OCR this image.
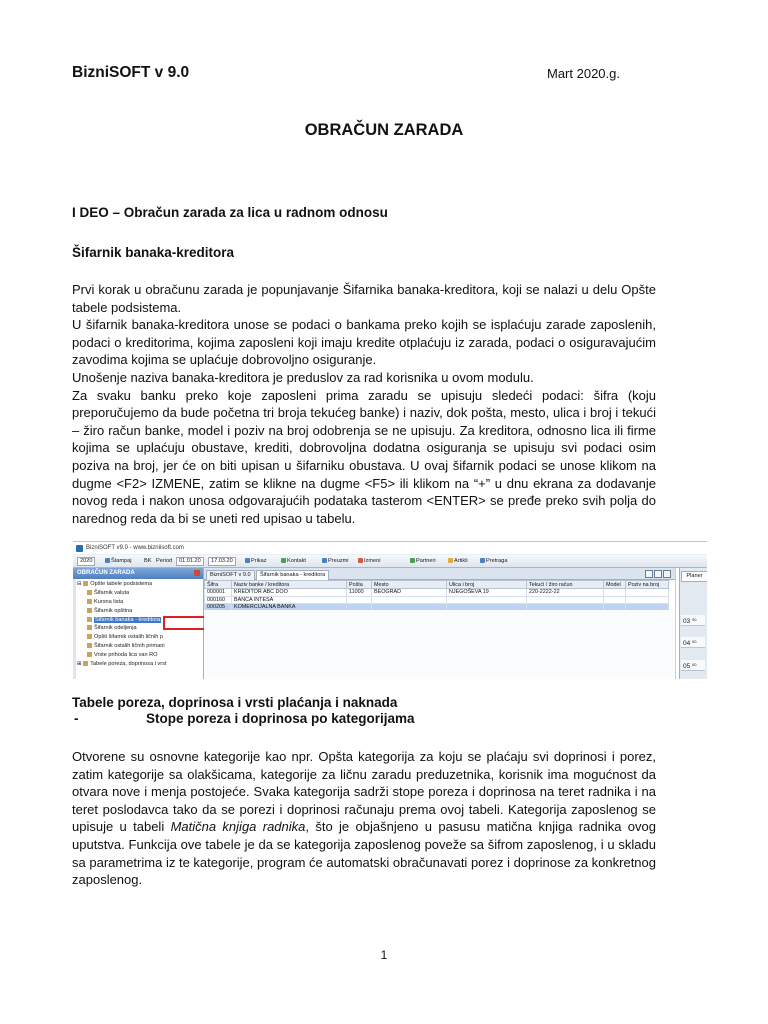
BizniSOFT v 9.0	Mart 2020.g.
OBRAČUN ZARADA
I DEO – Obračun zarada za lica u radnom odnosu
Šifarnik banaka-kreditora

Prvi korak u obračunu zarada je popunjavanje Šifarnika banaka-kreditora, koji se nalazi u delu Opšte tabele podsistema.

U šifarnik banaka-kreditora unose se podaci o bankama preko kojih se isplaćuju zarade zaposlenih, podaci o kreditorima, kojima zaposleni koji imaju kredite otplaćuju iz zarada, podaci o osiguravajućim zavodima kojima se uplaćuje dobrovoljno osiguranje.

Unošenje naziva banaka-kreditora je preduslov za rad korisnika u ovom modulu.

Za svaku banku preko koje zaposleni prima zaradu se upisuju sledeći podaci: šifra (koju preporučujemo da bude početna tri broja tekućeg banke) i naziv, dok pošta, mesto, ulica i broj i tekući – žiro račun banke, model i poziv na broj odobrenja se ne upisuju. Za kreditora, odnosno lica ili firme kojima se uplaćuju obustave, krediti, dobrovoljna dodatna osiguranja se upisuju svi podaci osim poziva na broj, jer će on biti upisan u šifarniku obustava. U ovaj šifarnik podaci se unose klikom na dugme <F2> IZMENE, zatim se klikne na dugme <F5> ili klikom na “+” u dnu ekrana za dodavanje novog reda i nakon unosa odgovarajućih podataka tasterom <ENTER> se pređe preko svih polja do narednog reda da bi se uneti red upisao u tabelu.

BizniSOFT v9.0 - www.bizniisoft.com
2020	Štampaj	BK Period	01.01.20	17.03.20	Prikaz	Kontakt	Preuzmi	Izmeni	Partneri	Artikli	Pretraga
OBRAČUN ZARADA
⊟ Opšte tabele podsistema
Šifarnik valuta
Kursna lista
Šifarnik opština
Šifarnik banaka - kreditora
Šifarnik odeljenja
Opšti šifarnik ostalih ličnih p
Šifarnik ostalih ličnih primani
Vrste prihoda lica van RO
⊞ Tabele poreza, doprinosa i vrst
BizniSOFT v 9.0	Šifarnik banaka - kreditora
Šifra	Naziv banke / kreditora	Pošta	Mesto	Ulica i broj	Tekući / žiro račun	Model	Poziv na broj
000001	KREDITOR ABC DOO	11000	BEOGRAD	NJEGOŠEVA 19	220-2222-22		
000160	BANCA INTESA						
000205	KOMERCIJALNA BANKA						
Planer
03 $^{00}$
04 $^{00}$
05 $^{00}$
Tabele poreza, doprinosa i vrsti plaćanja i naknada
-	Stope poreza i doprinosa po kategorijama

Otvorene su osnovne kategorije kao npr. Opšta kategorija za koju se plaćaju svi doprinosi i porez, zatim kategorije sa olakšicama, kategorije za ličnu zaradu preduzetnika, korisnik ima mogućnost da otvara nove i menja postojeće. Svaka kategorija sadrži stope poreza i doprinosa na teret radnika i na teret poslodavca tako da se porezi i doprinosi računaju prema ovoj tabeli. Kategorija zaposlenog se upisuje u tabeli Matična knjiga radnika, što je objašnjeno u pasusu matična knjiga radnika ovog uputstva. Funkcija ove tabele je da se kategorija zaposlenog poveže sa šifrom zaposlenog, i u skladu sa parametrima iz te kategorije, program će automatski obračunavati porez i doprinose za konkretnog zaposlenog.

1
